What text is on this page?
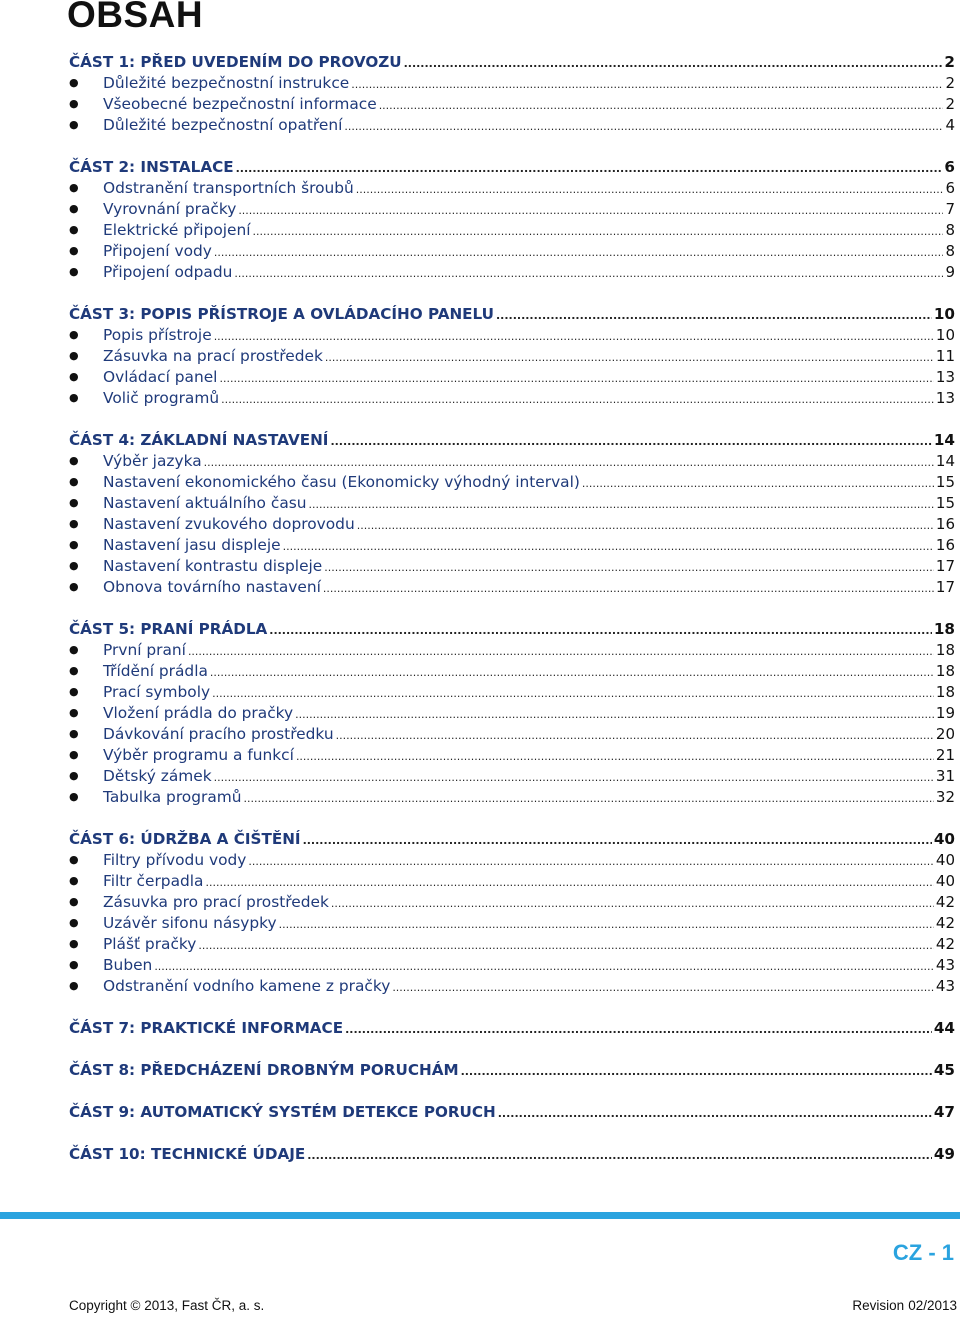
OBSAH
ČÁST 1: PŘED UVEDENÍM DO PROVOZU .....	2
●	Důležité bezpečnostní instrukce .....	2
●	Všeobecné bezpečnostní informace .....	2
●	Důležité bezpečnostní opatření .....	4
ČÁST 2: INSTALACE .....	6
●	Odstranění transportních šroubů .....	6
●	Vyrovnání pračky .....	7
●	Elektrické připojení .....	8
●	Připojení vody .....	8
●	Připojení odpadu .....	9
ČÁST 3: POPIS PŘÍSTROJE A OVLÁDACÍHO PANELU .....	10
●	Popis přístroje .....	10
●	Zásuvka na prací prostředek .....	11
●	Ovládací panel .....	13
●	Volič programů .....	13
ČÁST 4: ZÁKLADNÍ NASTAVENÍ .....	14
●	Výběr jazyka .....	14
●	Nastavení ekonomického času (Ekonomicky výhodný interval) .....	15
●	Nastavení aktuálního času .....	15
●	Nastavení zvukového doprovodu .....	16
●	Nastavení jasu displeje .....	16
●	Nastavení kontrastu displeje .....	17
●	Obnova továrního nastavení .....	17
ČÁST 5: PRANÍ PRÁDLA .....	18
●	První praní .....	18
●	Třídění prádla .....	18
●	Prací symboly .....	18
●	Vložení prádla do pračky .....	19
●	Dávkování pracího prostředku .....	20
●	Výběr programu a funkcí .....	21
●	Dětský zámek .....	31
●	Tabulka programů .....	32
ČÁST 6: ÚDRŽBA A ČIŠTĚNÍ .....	40
●	Filtry přívodu vody .....	40
●	Filtr čerpadla .....	40
●	Zásuvka pro prací prostředek .....	42
●	Uzávěr sifonu násypky .....	42
●	Plášť pračky .....	42
●	Buben .....	43
●	Odstranění vodního kamene z pračky .....	43
ČÁST 7: PRAKTICKÉ INFORMACE .....	44
ČÁST 8: PŘEDCHÁZENÍ DROBNÝM PORUCHÁM .....	45
ČÁST 9: AUTOMATICKÝ SYSTÉM DETEKCE PORUCH .....	47
ČÁST 10: TECHNICKÉ ÚDAJE .....	49
CZ - 1
Copyright © 2013, Fast ČR, a. s.	Revision 02/2013
